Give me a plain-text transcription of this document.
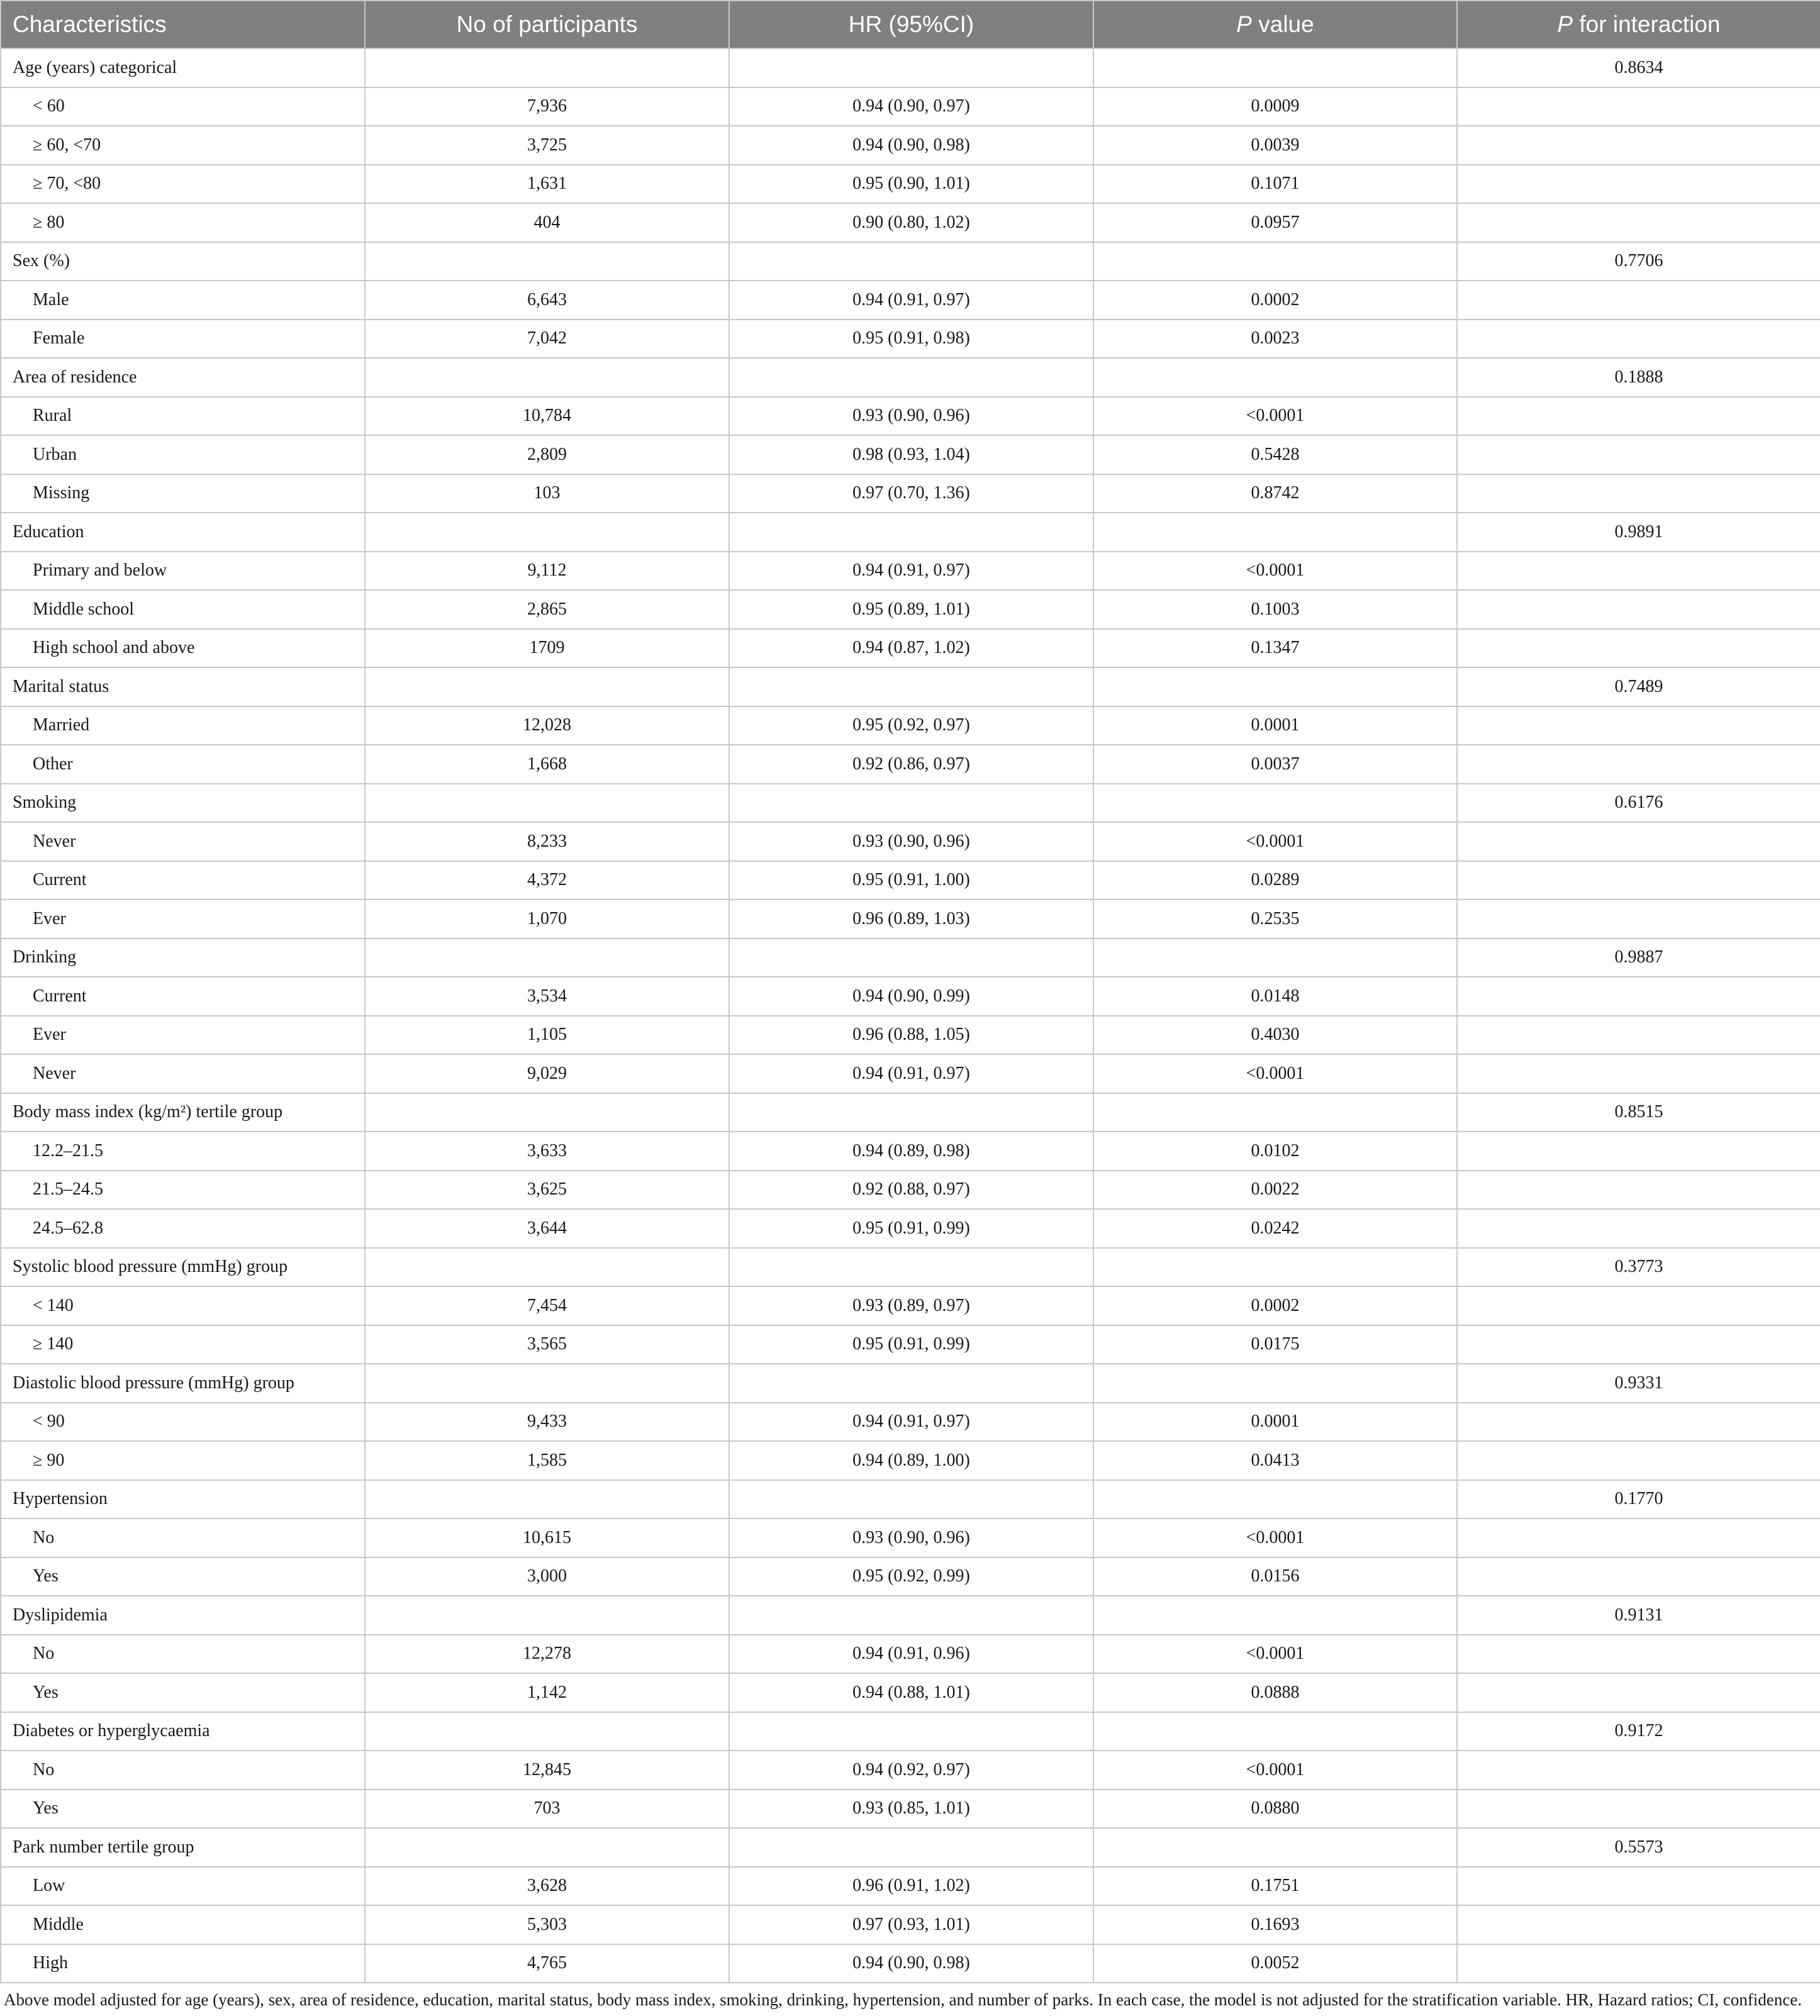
Characteristics	No of participants	HR (95%CI)	P value	P for interaction
Age (years) categorical				0.8634
< 60	7,936	0.94 (0.90, 0.97)	0.0009	
≥ 60, <70	3,725	0.94 (0.90, 0.98)	0.0039	
≥ 70, <80	1,631	0.95 (0.90, 1.01)	0.1071	
≥ 80	404	0.90 (0.80, 1.02)	0.0957	
Sex (%)				0.7706
Male	6,643	0.94 (0.91, 0.97)	0.0002	
Female	7,042	0.95 (0.91, 0.98)	0.0023	
Area of residence				0.1888
Rural	10,784	0.93 (0.90, 0.96)	<0.0001	
Urban	2,809	0.98 (0.93, 1.04)	0.5428	
Missing	103	0.97 (0.70, 1.36)	0.8742	
Education				0.9891
Primary and below	9,112	0.94 (0.91, 0.97)	<0.0001	
Middle school	2,865	0.95 (0.89, 1.01)	0.1003	
High school and above	1709	0.94 (0.87, 1.02)	0.1347	
Marital status				0.7489
Married	12,028	0.95 (0.92, 0.97)	0.0001	
Other	1,668	0.92 (0.86, 0.97)	0.0037	
Smoking				0.6176
Never	8,233	0.93 (0.90, 0.96)	<0.0001	
Current	4,372	0.95 (0.91, 1.00)	0.0289	
Ever	1,070	0.96 (0.89, 1.03)	0.2535	
Drinking				0.9887
Current	3,534	0.94 (0.90, 0.99)	0.0148	
Ever	1,105	0.96 (0.88, 1.05)	0.4030	
Never	9,029	0.94 (0.91, 0.97)	<0.0001	
Body mass index (kg/m²) tertile group				0.8515
12.2–21.5	3,633	0.94 (0.89, 0.98)	0.0102	
21.5–24.5	3,625	0.92 (0.88, 0.97)	0.0022	
24.5–62.8	3,644	0.95 (0.91, 0.99)	0.0242	
Systolic blood pressure (mmHg) group				0.3773
< 140	7,454	0.93 (0.89, 0.97)	0.0002	
≥ 140	3,565	0.95 (0.91, 0.99)	0.0175	
Diastolic blood pressure (mmHg) group				0.9331
< 90	9,433	0.94 (0.91, 0.97)	0.0001	
≥ 90	1,585	0.94 (0.89, 1.00)	0.0413	
Hypertension				0.1770
No	10,615	0.93 (0.90, 0.96)	<0.0001	
Yes	3,000	0.95 (0.92, 0.99)	0.0156	
Dyslipidemia				0.9131
No	12,278	0.94 (0.91, 0.96)	<0.0001	
Yes	1,142	0.94 (0.88, 1.01)	0.0888	
Diabetes or hyperglycaemia				0.9172
No	12,845	0.94 (0.92, 0.97)	<0.0001	
Yes	703	0.93 (0.85, 1.01)	0.0880	
Park number tertile group				0.5573
Low	3,628	0.96 (0.91, 1.02)	0.1751	
Middle	5,303	0.97 (0.93, 1.01)	0.1693	
High	4,765	0.94 (0.90, 0.98)	0.0052	
Above model adjusted for age (years), sex, area of residence, education, marital status, body mass index, smoking, drinking, hypertension, and number of parks. In each case, the model is not adjusted for the stratification variable. HR, Hazard ratios; CI, confidence.
